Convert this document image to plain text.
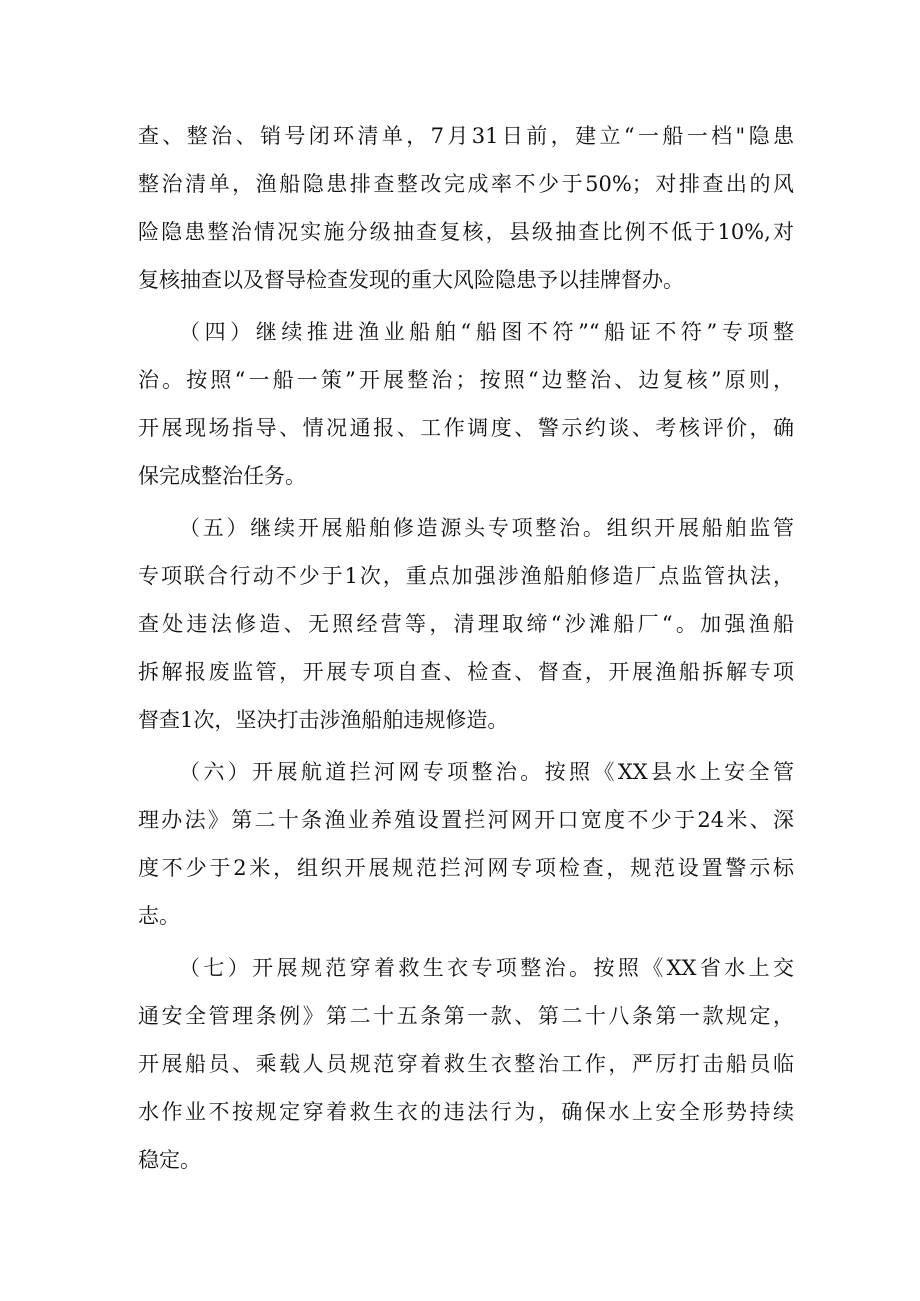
查、整治、销号闭环清单，7月31日前，建立“一船一档"隐患
整治清单，渔船隐患排查整改完成率不少于50%；对排查出的风
险隐患整治情况实施分级抽查复核，县级抽查比例不低于10%,对
复核抽查以及督导检查发现的重大风险隐患予以挂牌督办。
（四）继续推进渔业船舶“船图不符”“船证不符”专项整
治。按照“一船一策”开展整治；按照“边整治、边复核”原则，
开展现场指导、情况通报、工作调度、警示约谈、考核评价，确
保完成整治任务。
（五）继续开展船舶修造源头专项整治。组织开展船舶监管
专项联合行动不少于1次，重点加强涉渔船舶修造厂点监管执法，
查处违法修造、无照经营等，清理取缔“沙滩船厂“。加强渔船
拆解报废监管，开展专项自查、检查、督查，开展渔船拆解专项
督查1次，坚决打击涉渔船舶违规修造。
（六）开展航道拦河网专项整治。按照《XX县水上安全管
理办法》第二十条渔业养殖设置拦河网开口宽度不少于24米、深
度不少于2米，组织开展规范拦河网专项检查，规范设置警示标
志。
（七）开展规范穿着救生衣专项整治。按照《XX省水上交
通安全管理条例》第二十五条第一款、第二十八条第一款规定，
开展船员、乘载人员规范穿着救生衣整治工作，严厉打击船员临
水作业不按规定穿着救生衣的违法行为，确保水上安全形势持续
稳定。
